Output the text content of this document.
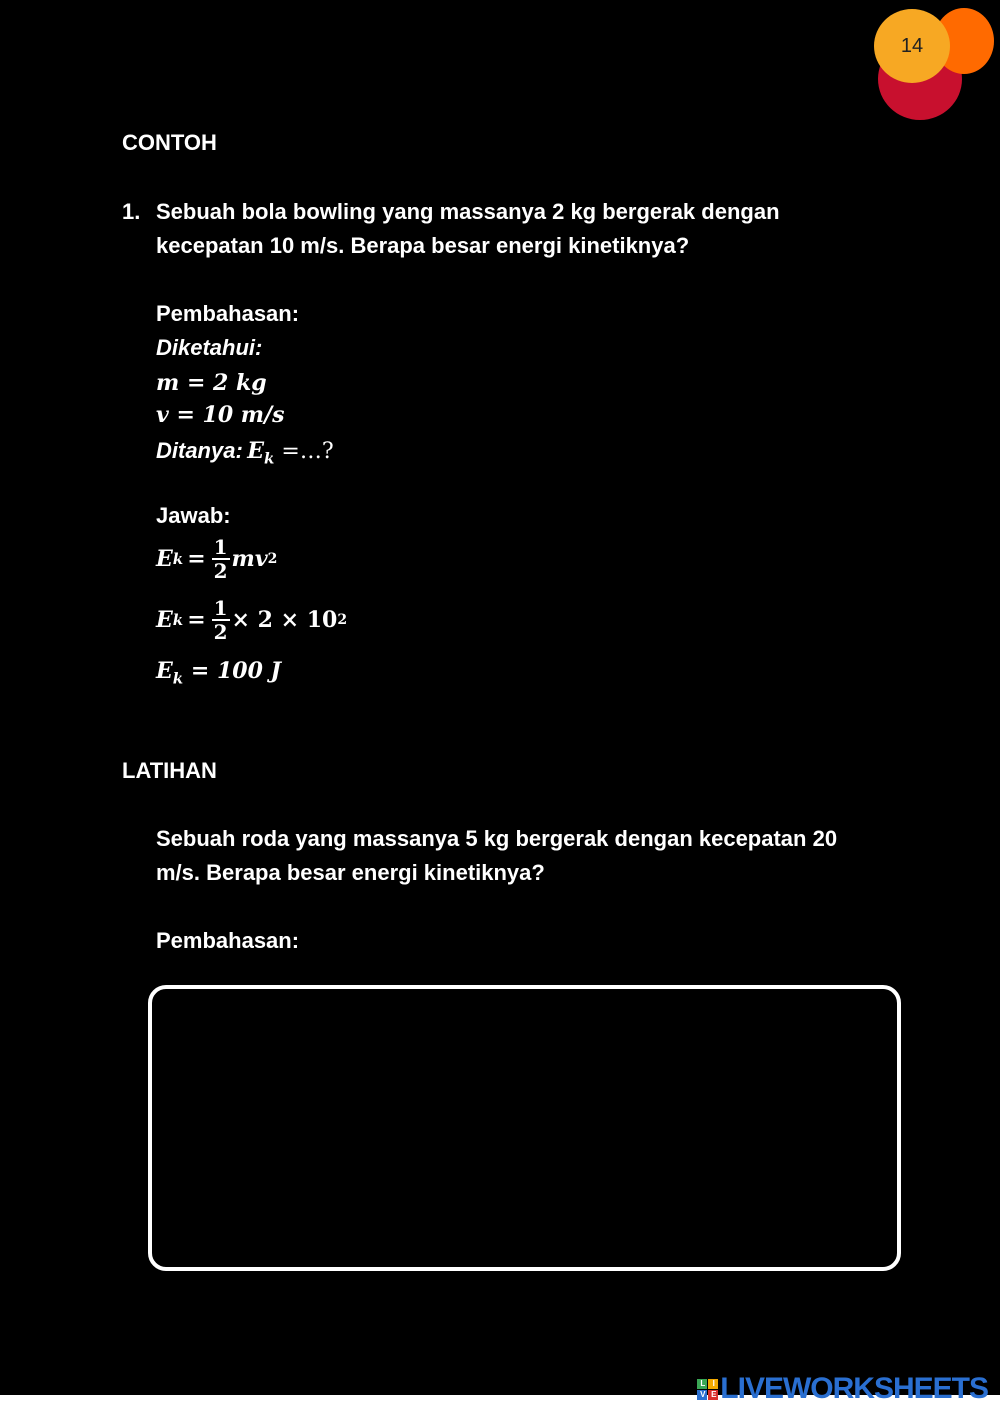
14
CONTOH
1. Sebuah bola bowling yang massanya 2 kg bergerak dengan
kecepatan 10 m/s. Berapa besar energi kinetiknya?
Pembahasan:
Diketahui:
m = 2 kg
v = 10 m/s
Ditanya: $E_k$ =…?
Jawab:
E $k = \frac{1}{2}$ mv 2
E $k = \frac{1}{2} \times 2 \times 10$ 2
$E_k = 100$ J
LATIHAN
Sebuah roda yang massanya 5 kg bergerak dengan kecepatan 20
m/s. Berapa besar energi kinetiknya?
Pembahasan:
L	I
V E LIVEWORKSHEETS
